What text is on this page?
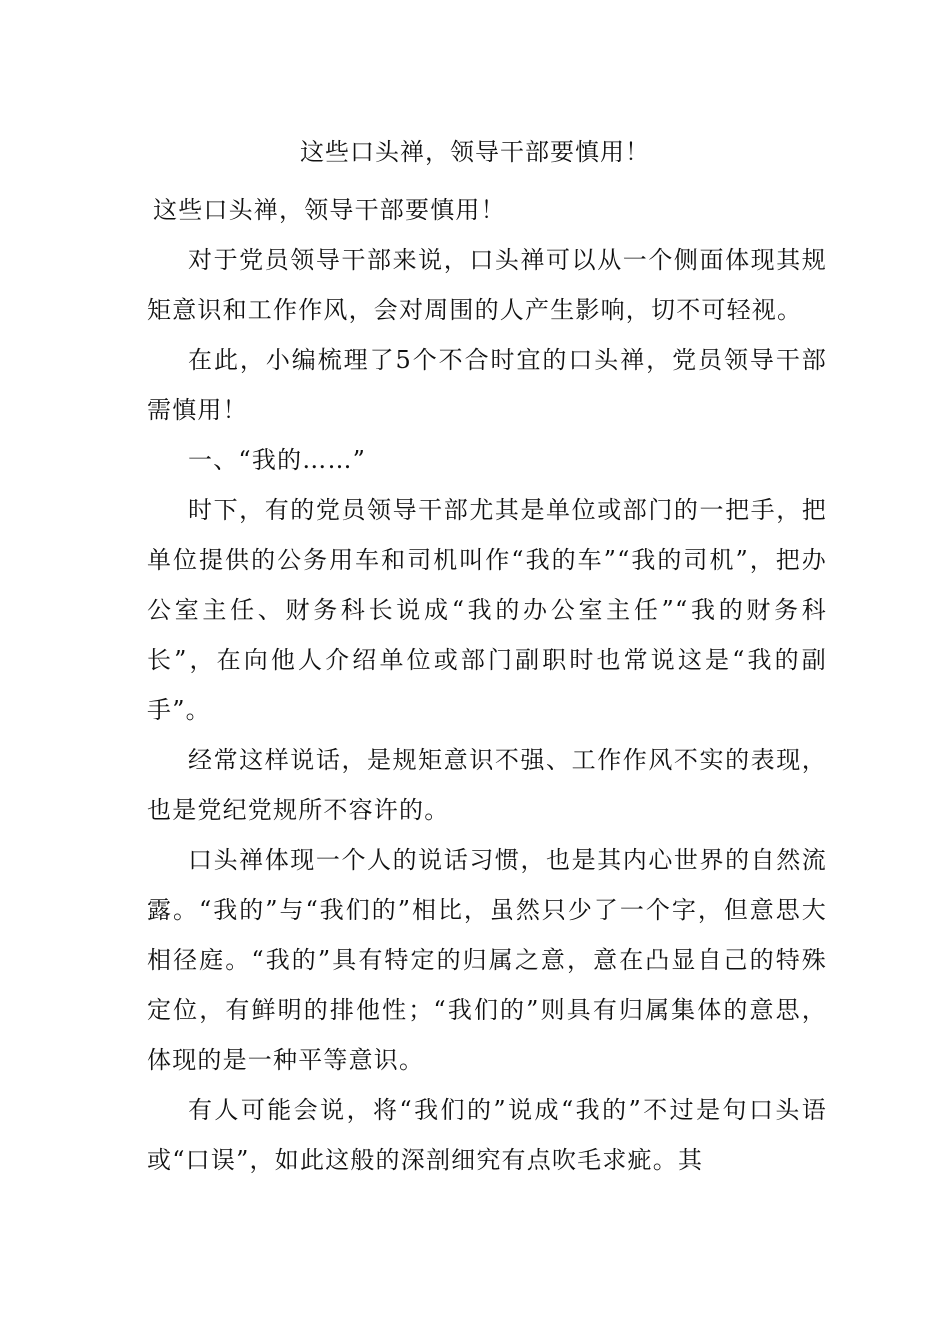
这些口头禅，领导干部要慎用！

这些口头禅，领导干部要慎用！

对于党员领导干部来说，口头禅可以从一个侧面体现其规矩意识和工作作风，会对周围的人产生影响，切不可轻视。

在此，小编梳理了5个不合时宜的口头禅，党员领导干部需慎用！

一、“我的……”

时下，有的党员领导干部尤其是单位或部门的一把手，把单位提供的公务用车和司机叫作“我的车”“我的司机”，把办公室主任、财务科长说成“我的办公室主任”“我的财务科长”，在向他人介绍单位或部门副职时也常说这是“我的副手”。

经常这样说话，是规矩意识不强、工作作风不实的表现，也是党纪党规所不容许的。

口头禅体现一个人的说话习惯，也是其内心世界的自然流露。“我的”与“我们的”相比，虽然只少了一个字，但意思大相径庭。“我的”具有特定的归属之意，意在凸显自己的特殊定位，有鲜明的排他性；“我们的”则具有归属集体的意思，体现的是一种平等意识。

有人可能会说，将“我们的”说成“我的”不过是句口头语或“口误”，如此这般的深剖细究有点吹毛求疵。其
